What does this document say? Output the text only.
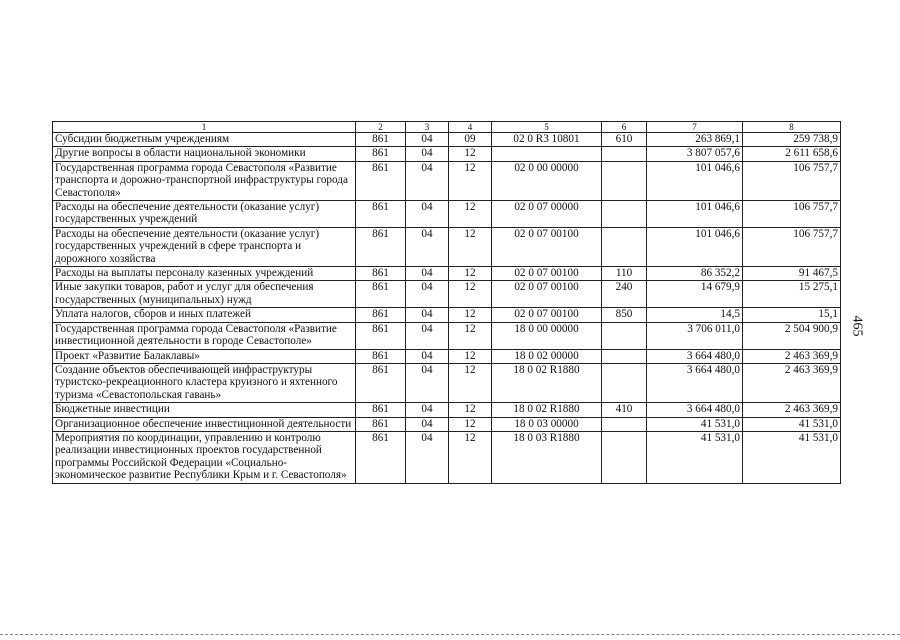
1	2	3	4	5	6	7	8
Субсидии бюджетным учреждениям	861	04	09	02 0 R3 10801	610	263 869,1	259 738,9
Другие вопросы в области национальной экономики	861	04	12			3 807 057,6	2 611 658,6
Государственная программа города Севастополя «Развитие транспорта и дорожно-транспортной инфраструктуры города Севастополя»	861	04	12	02 0 00 00000		101 046,6	106 757,7
Расходы на обеспечение деятельности (оказание услуг) государственных учреждений	861	04	12	02 0 07 00000		101 046,6	106 757,7
Расходы на обеспечение деятельности (оказание услуг) государственных учреждений в сфере транспорта и дорожного хозяйства	861	04	12	02 0 07 00100		101 046,6	106 757,7
Расходы на выплаты персоналу казенных учреждений	861	04	12	02 0 07 00100	110	86 352,2	91 467,5
Иные закупки товаров, работ и услуг для обеспечения государственных (муниципальных) нужд	861	04	12	02 0 07 00100	240	14 679,9	15 275,1
Уплата налогов, сборов и иных платежей	861	04	12	02 0 07 00100	850	14,5	15,1
Государственная программа города Севастополя «Развитие инвестиционной деятельности в городе Севастополе»	861	04	12	18 0 00 00000		3 706 011,0	2 504 900,9
Проект «Развитие Балаклавы»	861	04	12	18 0 02 00000		3 664 480,0	2 463 369,9
Создание объектов обеспечивающей инфраструктуры туристско-рекреационного кластера круизного и яхтенного туризма «Севастопольская гавань»	861	04	12	18 0 02 R1880		3 664 480,0	2 463 369,9
Бюджетные инвестиции	861	04	12	18 0 02 R1880	410	3 664 480,0	2 463 369,9
Организационное обеспечение инвестиционной деятельности	861	04	12	18 0 03 00000		41 531,0	41 531,0
Мероприятия по координации, управлению и контролю реализации инвестиционных проектов государственной программы Российской Федерации «Социально-экономическое развитие Республики Крым и г. Севастополя»	861	04	12	18 0 03 R1880		41 531,0	41 531,0
465
